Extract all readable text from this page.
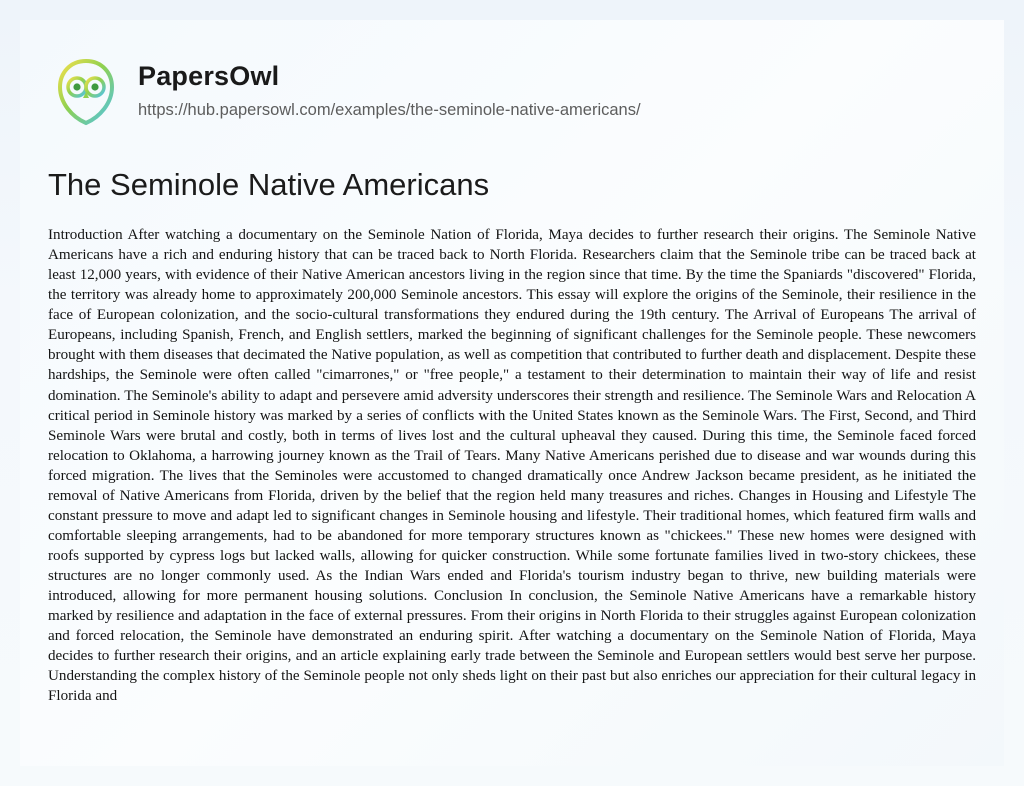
PapersOwl
https://hub.papersowl.com/examples/the-seminole-native-americans/
The Seminole Native Americans
Introduction After watching a documentary on the Seminole Nation of Florida, Maya decides to further research their origins. The Seminole Native Americans have a rich and enduring history that can be traced back to North Florida. Researchers claim that the Seminole tribe can be traced back at least 12,000 years, with evidence of their Native American ancestors living in the region since that time. By the time the Spaniards "discovered" Florida, the territory was already home to approximately 200,000 Seminole ancestors. This essay will explore the origins of the Seminole, their resilience in the face of European colonization, and the socio-cultural transformations they endured during the 19th century. The Arrival of Europeans The arrival of Europeans, including Spanish, French, and English settlers, marked the beginning of significant challenges for the Seminole people. These newcomers brought with them diseases that decimated the Native population, as well as competition that contributed to further death and displacement. Despite these hardships, the Seminole were often called "cimarrones," or "free people," a testament to their determination to maintain their way of life and resist domination. The Seminole's ability to adapt and persevere amid adversity underscores their strength and resilience. The Seminole Wars and Relocation A critical period in Seminole history was marked by a series of conflicts with the United States known as the Seminole Wars. The First, Second, and Third Seminole Wars were brutal and costly, both in terms of lives lost and the cultural upheaval they caused. During this time, the Seminole faced forced relocation to Oklahoma, a harrowing journey known as the Trail of Tears. Many Native Americans perished due to disease and war wounds during this forced migration. The lives that the Seminoles were accustomed to changed dramatically once Andrew Jackson became president, as he initiated the removal of Native Americans from Florida, driven by the belief that the region held many treasures and riches. Changes in Housing and Lifestyle The constant pressure to move and adapt led to significant changes in Seminole housing and lifestyle. Their traditional homes, which featured firm walls and comfortable sleeping arrangements, had to be abandoned for more temporary structures known as "chickees." These new homes were designed with roofs supported by cypress logs but lacked walls, allowing for quicker construction. While some fortunate families lived in two-story chickees, these structures are no longer commonly used. As the Indian Wars ended and Florida's tourism industry began to thrive, new building materials were introduced, allowing for more permanent housing solutions. Conclusion In conclusion, the Seminole Native Americans have a remarkable history marked by resilience and adaptation in the face of external pressures. From their origins in North Florida to their struggles against European colonization and forced relocation, the Seminole have demonstrated an enduring spirit. After watching a documentary on the Seminole Nation of Florida, Maya decides to further research their origins, and an article explaining early trade between the Seminole and European settlers would best serve her purpose. Understanding the complex history of the Seminole people not only sheds light on their past but also enriches our appreciation for their cultural legacy in Florida and
